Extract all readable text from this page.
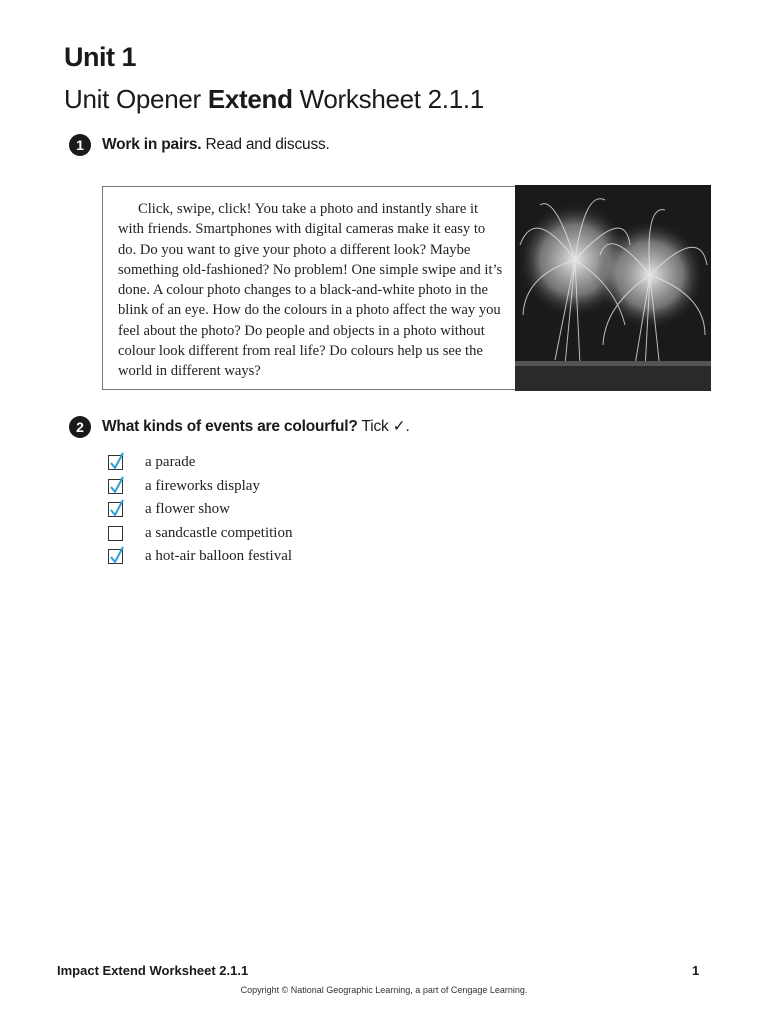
Unit 1
Unit Opener Extend Worksheet 2.1.1
1	Work in pairs. Read and discuss.
Click, swipe, click! You take a photo and instantly share it with friends. Smartphones with digital cameras make it easy to do. Do you want to give your photo a different look? Maybe something old-fashioned? No problem! One simple swipe and it’s done. A colour photo changes to a black-and-white photo in the blink of an eye. How do the colours in a photo affect the way you feel about the photo? Do people and objects in a photo without colour look different from real life? Do colours help us see the world in different ways?
2	What kinds of events are colourful? Tick ✓.
a parade
a fireworks display
a flower show
a sandcastle competition
a hot-air balloon festival
Impact Extend Worksheet 2.1.1	1
Copyright © National Geographic Learning, a part of Cengage Learning.
